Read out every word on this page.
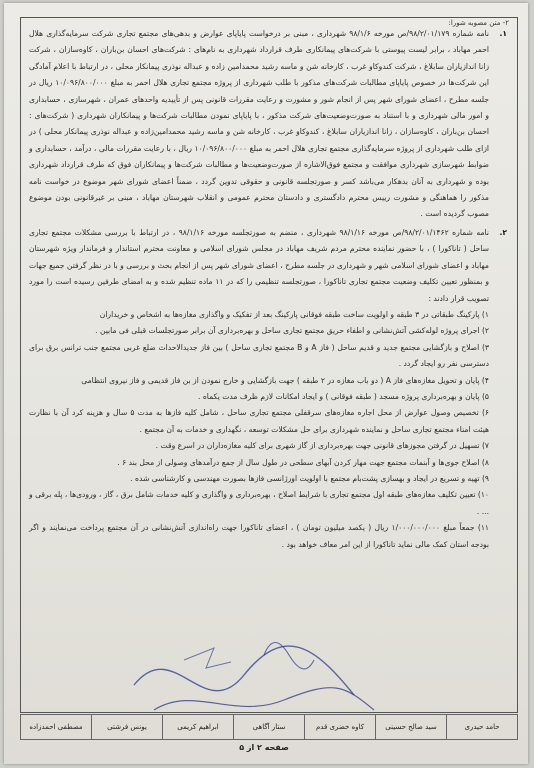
۲- متن مصوبه شورا:
۱.
نامه شماره ۹۸/۲/۰۱/۱۷۹/ص مورخه ۹۸/۱/۶ شهرداری ، مبنی بر درخواست پایاپای عوارض و بدهی‌های مجتمع تجاری شرکت سرمایه‌گذاری هلال احمر مهاباد ، برابر لیست پیوستی با شرکت‌های پیمانکاری طرف قرارداد شهرداری به نام‌های : شرکت‌های احسان بن‌باران ، کاوه‌سازان ، شرکت زانا اندازیاران سابلاغ ، شرکت کندوکاو غرب ، کارخانه شن و ماسه رشید محمدامین زاده و عبداله نوذری پیمانکار محلی ، در ارتباط با اعلام آمادگی این شرکت‌ها در خصوص پایاپای مطالبات شرکت‌های مذکور با طلب شهرداری از پروژه مجتمع تجاری هلال احمر به مبلغ ۱۰/۰۹۶/۸۰۰/۰۰۰ ریال در جلسه مطرح ، اعضای شورای شهر پس از انجام شور و مشورت و رعایت مقررات قانونی پس از تأییدیه واحدهای عمران ، شهرسازی ، حسابداری و امور مالی شهرداری و با استناد به صورت‌وضعیت‌های شرکت مذکور ، با پایاپای نمودن مطالبات شرکت‌ها و پیمانکاران شهرداری ( شرکت‌های : احسان بن‌باران ، کاوه‌سازان ، زانا اندازیاران سابلاغ ، کندوکاو غرب ، کارخانه شن و ماسه رشید محمدامین‌زاده و عبداله نوذری پیمانکار محلی ) در ازای طلب شهرداری از پروژه سرمایه‌گذاری مجتمع تجاری هلال احمر به مبلغ ۱۰/۰۹۶/۸۰۰/۰۰۰ ریال ، با رعایت مقررات مالی ، درآمد ، حسابداری و ضوابط شهرسازی شهرداری موافقت و مجتمع فوق‌الاشاره از صورت‌وضعیت‌ها و مطالبات شرکت‌ها و پیمانکاران فوق که طرف قرارداد شهرداری بوده و شهرداری به آنان بدهکار می‌باشد کسر و صورتجلسه قانونی و حقوقی تدوین گردد ، ضمناً اعضای شورای شهر موضوع در خواست نامه مذکور را هماهنگی و مشورت رییس محترم دادگستری و دادستان محترم عمومی و انقلاب شهرستان مهاباد ، مبنی بر غیرقانونی بودن موضوع مصوب گردیده است .
۲.
نامه شماره ۹۸/۲/۰۱/۱۴۶۲/ص مورخه ۹۸/۱/۱۶ شهرداری ، منضم به صورتجلسه مورخه ۹۸/۱/۱۶ ، در ارتباط با بررسی مشکلات مجتمع تجاری ساحل ( تاناکورا ) ، با حضور نماینده محترم مردم شریف مهاباد در مجلس شورای اسلامی و معاونت محترم استاندار و فرماندار ویژه شهرستان مهاباد و اعضای شورای اسلامی شهر و شهرداری در جلسه مطرح ، اعضای شورای شهر پس از انجام بحث و بررسی و با در نظر گرفتن جمیع جهات و بمنظور تعیین تکلیف وضعیت مجتمع تجاری تاناکورا ، صورتجلسه تنظیمی را که در ۱۱ ماده تنظیم شده و به امضای طرفین رسیده است را مورد تصویب قرار دادند :
۱) پارکینگ طبقاتی در ۳ طبقه و اولویت ساخت طبقه فوقانی پارکینگ بعد از تفکیک و واگذاری مغازه‌ها به اشخاص و خریداران
۲) اجرای پروژه لوله‌کشی آتش‌نشانی و اطفاء حریق مجتمع تجاری ساحل و بهره‌برداری آن برابر صورتجلسات قبلی فی مابین .
۳) اصلاح و بازگشایی مجتمع جدید و قدیم ساحل ( فاز A و B مجتمع تجاری ساحل ) بین فاز جدیدالاحداث ضلع غربی مجتمع جنب ترانس برق برای دسترسی نفر رو ایجاد گردد .
۴) پایان و تحویل مغازه‌های فاز A ( دو باب مغازه در ۲ طبقه ) جهت بازگشایی و خارج نمودن از بن فاز قدیمی و فاز نیروی انتظامی
۵) پایان و بهره‌برداری پروژه مسجد ( طبقه فوقانی ) و ایجاد امکانات لازم ظرف مدت یکماه .
۶) تخصیص وصول عوارض از محل اجاره مغازه‌های سرقفلی مجتمع تجاری ساحل ، شامل کلیه فازها به مدت ۵ سال و هزینه کرد آن با نظارت هیئت امناء مجتمع تجاری ساحل و نماینده شهرداری برای حل مشکلات توسعه ، نگهداری و خدمات به آن مجتمع .
۷) تسهیل در گرفتن مجوزهای قانونی جهت بهره‌برداری از گاز شهری برای کلیه مغازه‌داران در اسرع وقت .
۸) اصلاح جوی‌ها و آبنمات مجتمع جهت مهار کردن آبهای سطحی در طول سال از جمع درآمدهای وصولی از محل بند ۶ .
۹) تهیه و تسریع در ایجاد و بهسازی پشت‌بام مجتمع با اولویت اورژانسی فازها بصورت مهندسی و کارشناسی شده .
۱۰) تعیین تکلیف مغازه‌های طبقه اول مجتمع تجاری با شرایط اصلاح ، بهره‌برداری و واگذاری و کلیه خدمات شامل برق ، گاز ، ورودی‌ها ، پله برقی و ... .
۱۱) جمعاً مبلغ ۱/۰۰۰/۰۰۰/۰۰۰ ریال ( یکصد میلیون تومان ) ، اعضای تاناکورا جهت راه‌اندازی آتش‌نشانی در آن مجتمع پرداخت می‌نمایند و اگر بودجه استان کمک مالی نماید تاناکورا از این امر معاف خواهد بود .
حامد حیدری
سید صالح حسینی
کاوه خضری قدم
ستار آگاهی
ابراهیم کریمی
یونس فرشتی
مصطفی احمدزاده
صفحه ۲ از ۵
